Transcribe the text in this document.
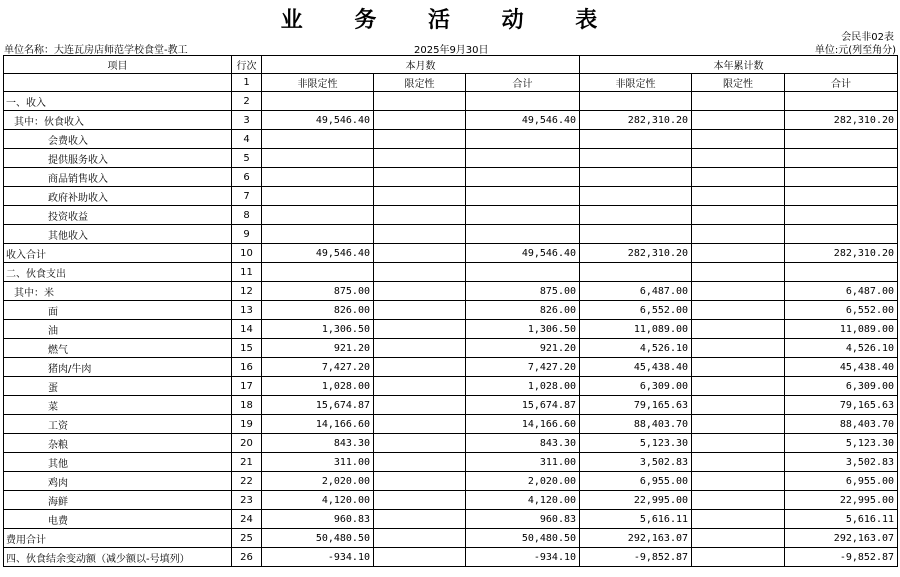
业 务 活 动 表
会民非02表
单位名称：大连瓦房店师范学校食堂-教工	2025年9月30日	单位:元(列至角分)
项目	行次	本月数			本年累计数		
	1	非限定性	限定性	合计	非限定性	限定性	合计
一、收入	2						
其中：伙食收入	3	49,546.40		49,546.40	282,310.20		282,310.20
会费收入	4						
提供服务收入	5						
商品销售收入	6						
政府补助收入	7						
投资收益	8						
其他收入	9						
收入合计	10	49,546.40		49,546.40	282,310.20		282,310.20
二、伙食支出	11						
其中：米	12	875.00		875.00	6,487.00		6,487.00
面	13	826.00		826.00	6,552.00		6,552.00
油	14	1,306.50		1,306.50	11,089.00		11,089.00
燃气	15	921.20		921.20	4,526.10		4,526.10
猪肉/牛肉	16	7,427.20		7,427.20	45,438.40		45,438.40
蛋	17	1,028.00		1,028.00	6,309.00		6,309.00
菜	18	15,674.87		15,674.87	79,165.63		79,165.63
工资	19	14,166.60		14,166.60	88,403.70		88,403.70
杂粮	20	843.30		843.30	5,123.30		5,123.30
其他	21	311.00		311.00	3,502.83		3,502.83
鸡肉	22	2,020.00		2,020.00	6,955.00		6,955.00
海鲜	23	4,120.00		4,120.00	22,995.00		22,995.00
电费	24	960.83		960.83	5,616.11		5,616.11
费用合计	25	50,480.50		50,480.50	292,163.07		292,163.07
四、伙食结余变动额（减少额以-号填列）	26	-934.10		-934.10	-9,852.87		-9,852.87
